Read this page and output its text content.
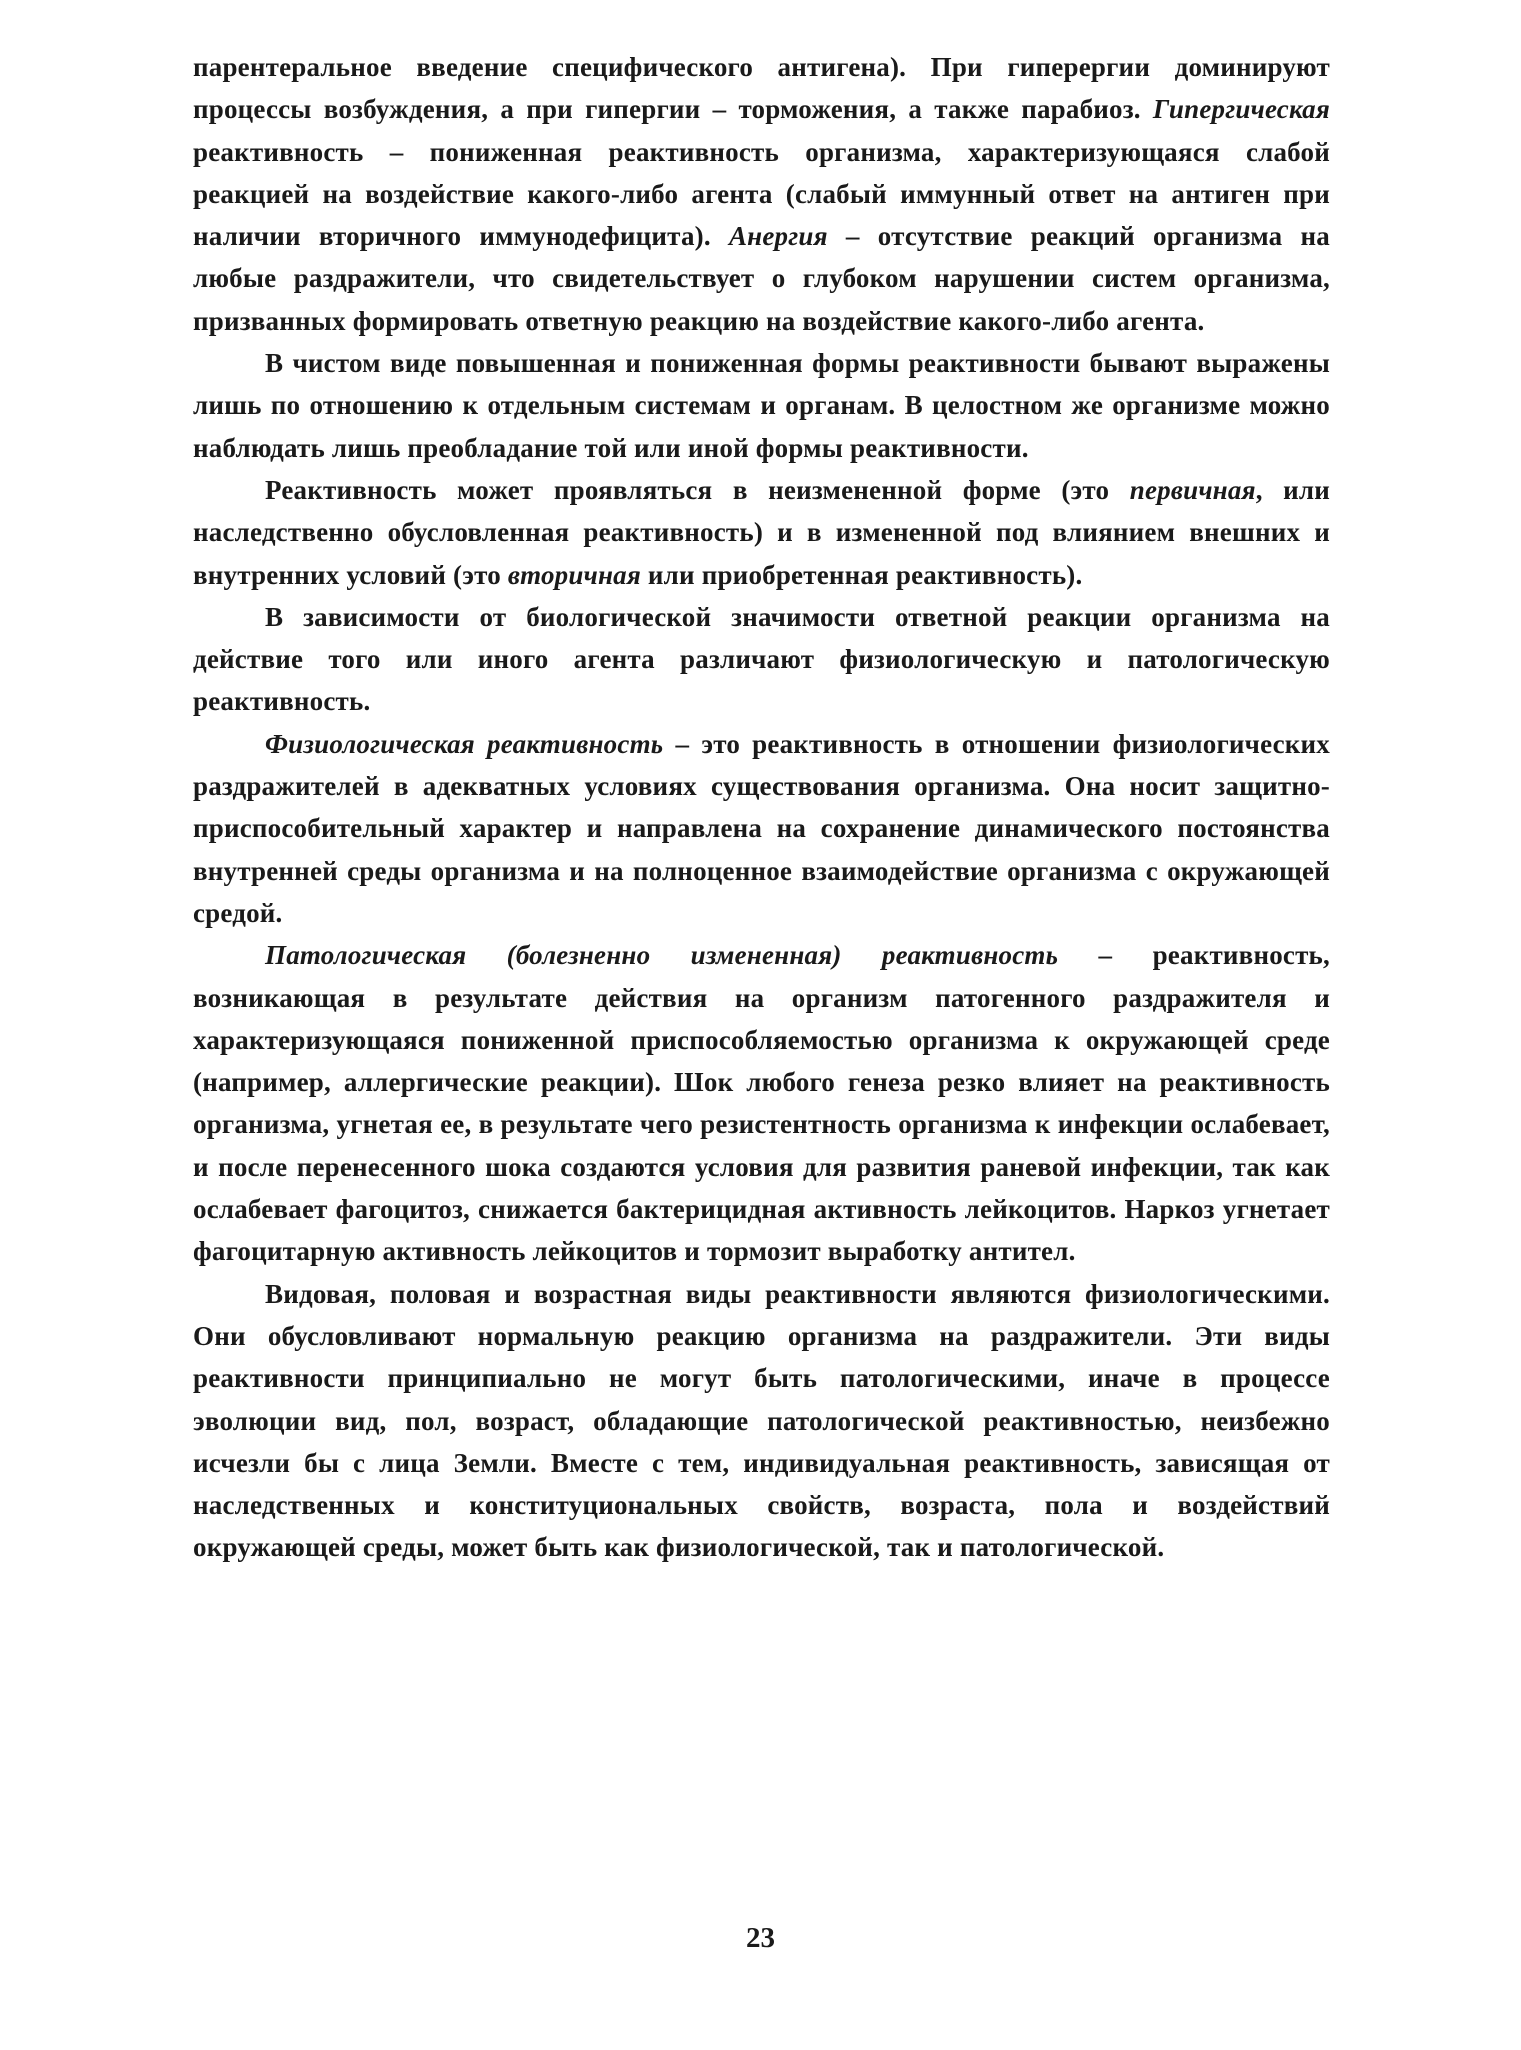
парентеральное введение специфического антигена). При гиперергии доминируют процессы возбуждения, а при гипергии – торможения, а также парабиоз. Гипергическая реактивность – пониженная реактивность организма, характеризующаяся слабой реакцией на воздействие какого-либо агента (слабый иммунный ответ на антиген при наличии вторичного иммунодефицита). Анергия – отсутствие реакций организма на любые раздражители, что свидетельствует о глубоком нарушении систем организма, призванных формировать ответную реакцию на воздействие какого-либо агента.

В чистом виде повышенная и пониженная формы реактивности бывают выражены лишь по отношению к отдельным системам и органам. В целостном же организме можно наблюдать лишь преобладание той или иной формы реактивности.

Реактивность может проявляться в неизмененной форме (это первичная, или наследственно обусловленная реактивность) и в измененной под влиянием внешних и внутренних условий (это вторичная или приобретенная реактивность).

В зависимости от биологической значимости ответной реакции организма на действие того или иного агента различают физиологическую и патологическую реактивность.

Физиологическая реактивность – это реактивность в отношении физиологических раздражителей в адекватных условиях существования организма. Она носит защитно-приспособительный характер и направлена на сохранение динамического постоянства внутренней среды организма и на полноценное взаимодействие организма с окружающей средой.

Патологическая (болезненно измененная) реактивность – реактивность, возникающая в результате действия на организм патогенного раздражителя и характеризующаяся пониженной приспособляемостью организма к окружающей среде (например, аллергические реакции). Шок любого генеза резко влияет на реактивность организма, угнетая ее, в результате чего резистентность организма к инфекции ослабевает, и после перенесенного шока создаются условия для развития раневой инфекции, так как ослабевает фагоцитоз, снижается бактерицидная активность лейкоцитов. Наркоз угнетает фагоцитарную активность лейкоцитов и тормозит выработку антител.

Видовая, половая и возрастная виды реактивности являются физиологическими. Они обусловливают нормальную реакцию организма на раздражители. Эти виды реактивности принципиально не могут быть патологическими, иначе в процессе эволюции вид, пол, возраст, обладающие патологической реактивностью, неизбежно исчезли бы с лица Земли. Вместе с тем, индивидуальная реактивность, зависящая от наследственных и конституциональных свойств, возраста, пола и воздействий окружающей среды, может быть как физиологической, так и патологической.

23
